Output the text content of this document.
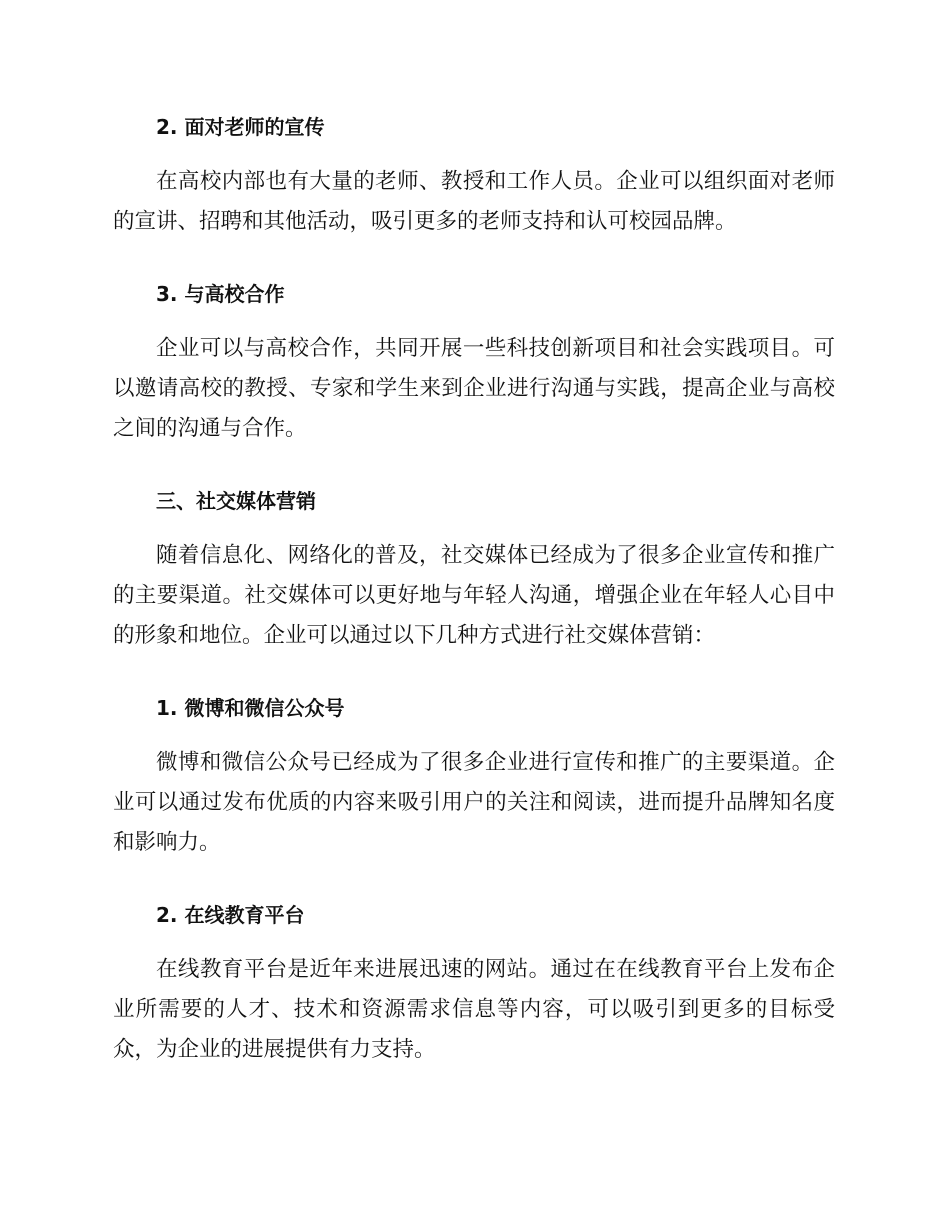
2. 面对老师的宣传

在高校内部也有大量的老师、教授和工作人员。企业可以组织面对老师的宣讲、招聘和其他活动，吸引更多的老师支持和认可校园品牌。

3. 与高校合作

企业可以与高校合作，共同开展一些科技创新项目和社会实践项目。可以邀请高校的教授、专家和学生来到企业进行沟通与实践，提高企业与高校之间的沟通与合作。

三、社交媒体营销

随着信息化、网络化的普及，社交媒体已经成为了很多企业宣传和推广的主要渠道。社交媒体可以更好地与年轻人沟通，增强企业在年轻人心目中的形象和地位。企业可以通过以下几种方式进行社交媒体营销：

1. 微博和微信公众号

微博和微信公众号已经成为了很多企业进行宣传和推广的主要渠道。企业可以通过发布优质的内容来吸引用户的关注和阅读，进而提升品牌知名度和影响力。

2. 在线教育平台

在线教育平台是近年来进展迅速的网站。通过在在线教育平台上发布企业所需要的人才、技术和资源需求信息等内容，可以吸引到更多的目标受众，为企业的进展提供有力支持。
